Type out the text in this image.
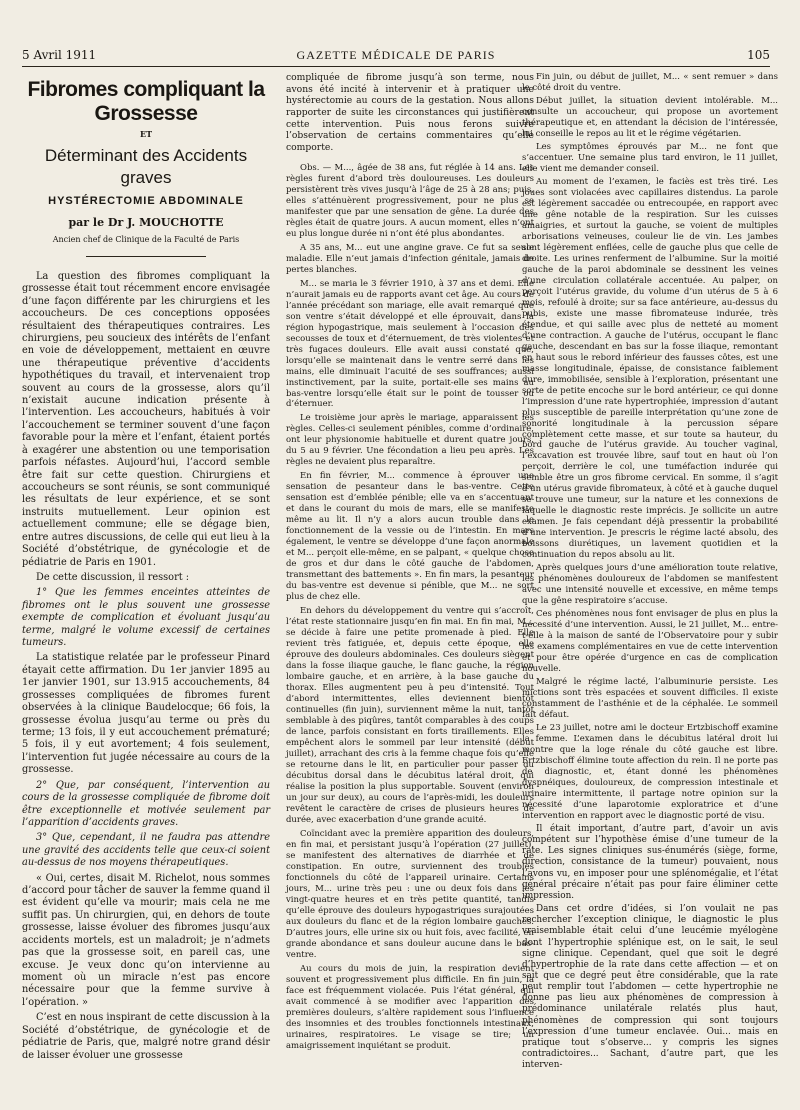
5 Avril 1911	GAZETTE MÉDICALE DE PARIS	105
Fibromes compliquant la Grossesse
ET
Déterminant des Accidents graves
HYSTÉRECTOMIE ABDOMINALE
par le Dr J. MOUCHOTTE
Ancien chef de Clinique de la Faculté de Paris

La question des fibromes compliquant la grossesse était tout récemment encore envisagée d’une façon différente par les chirurgiens et les accoucheurs. De ces conceptions opposées résultaient des thérapeutiques contraires. Les chirurgiens, peu soucieux des intérêts de l’enfant en voie de développement, mettaient en œuvre une thérapeutique préventive d’accidents hypothétiques du travail, et intervenaient trop souvent au cours de la grossesse, alors qu’il n’existait aucune indication présente à l’intervention. Les accoucheurs, habitués à voir l’accouchement se terminer souvent d’une façon favorable pour la mère et l’enfant, étaient portés à exagérer une abstention ou une temporisation parfois néfastes. Aujourd’hui, l’accord semble être fait sur cette question. Chirurgiens et accoucheurs se sont réunis, se sont communiqué les résultats de leur expérience, et se sont instruits mutuellement. Leur opinion est actuellement commune; elle se dégage bien, entre autres discussions, de celle qui eut lieu à la Société d’obstétrique, de gynécologie et de pédiatrie de Paris en 1901.

De cette discussion, il ressort :

1° Que les femmes enceintes atteintes de fibromes ont le plus souvent une grossesse exempte de complication et évoluant jusqu’au terme, malgré le volume excessif de certaines tumeurs.

La statistique relatée par le professeur Pinard étayait cette affirmation. Du 1er janvier 1895 au 1er janvier 1901, sur 13.915 accouchements, 84 grossesses compliquées de fibromes furent observées à la clinique Baudelocque; 66 fois, la grossesse évolua jusqu’au terme ou près du terme; 13 fois, il y eut accouchement prématuré; 5 fois, il y eut avortement; 4 fois seulement, l’intervention fut jugée nécessaire au cours de la grossesse.

2° Que, par conséquent, l’intervention au cours de la grossesse compliquée de fibrome doit être exceptionnelle et motivée seulement par l’apparition d’accidents graves.

3° Que, cependant, il ne faudra pas attendre une gravité des accidents telle que ceux-ci soient au-dessus de nos moyens thérapeutiques.

« Oui, certes, disait M. Richelot, nous sommes d’accord pour tâcher de sauver la femme quand il est évident qu’elle va mourir; mais cela ne me suffit pas. Un chirurgien, qui, en dehors de toute grossesse, laisse évoluer des fibromes jusqu’aux accidents mortels, est un maladroit; je n’admets pas que la grossesse soit, en pareil cas, une excuse. Je veux donc qu’on intervienne au moment où un miracle n’est pas encore nécessaire pour que la femme survive à l’opération. »

C’est en nous inspirant de cette discussion à la Société d’obstétrique, de gynécologie et de pédiatrie de Paris, que, malgré notre grand désir de laisser évoluer une grossesse

compliquée de fibrome jusqu’à son terme, nous avons été incité à intervenir et à pratiquer une hystérectomie au cours de la gestation. Nous allons rapporter de suite les circonstances qui justifièrent cette intervention. Puis nous ferons suivre l’observation de certains commentaires qu’elle comporte.

Obs. — M..., âgée de 38 ans, fut réglée à 14 ans. Les règles furent d’abord très douloureuses. Les douleurs persistèrent très vives jusqu’à l’âge de 25 à 28 ans; puis, elles s’atténuèrent progressivement, pour ne plus se manifester que par une sensation de gêne. La durée des règles était de quatre jours. A aucun moment, elles n’ont eu plus longue durée ni n’ont été plus abondantes.

A 35 ans, M... eut une angine grave. Ce fut sa seule maladie. Elle n’eut jamais d’infection génitale, jamais de pertes blanches.

M... se maria le 3 février 1910, à 37 ans et demi. Elle n’aurait jamais eu de rapports avant cet âge. Au cours de l’année précédant son mariage, elle avait remarqué que son ventre s’était développé et elle éprouvait, dans la région hypogastrique, mais seulement à l’occasion des secousses de toux et d’éternuement, de très violentes et très fugaces douleurs. Elle avait aussi constaté que, lorsqu’elle se maintenait dans le ventre serré dans les mains, elle diminuait l’acuité de ses souffrances; aussi instinctivement, par la suite, portait-elle ses mains au bas-ventre lorsqu’elle était sur le point de tousser ou d’éternuer.

Le troisième jour après le mariage, apparaissent les règles. Celles-ci seulement pénibles, comme d’ordinaire, ont leur physionomie habituelle et durent quatre jours, du 5 au 9 février. Une fécondation a lieu peu après. Les règles ne devaient plus reparaître.

En fin février, M... commence à éprouver une sensation de pesanteur dans le bas-ventre. Cette sensation est d’emblée pénible; elle va en s’accentuant et dans le courant du mois de mars, elle se manifeste même au lit. Il n’y a alors aucun trouble dans le fonctionnement de la vessie ou de l’intestin. En mars également, le ventre se développe d’une façon anormale et M... perçoit elle-même, en se palpant, « quelque chose de gros et dur dans le côté gauche de l’abdomen, transmettant des battements ». En fin mars, la pesanteur du bas-ventre est devenue si pénible, que M... ne sort plus de chez elle.

En dehors du développement du ventre qui s’accroît, l’état reste stationnaire jusqu’en fin mai. En fin mai, M... se décide à faire une petite promenade à pied. Elle revient très fatiguée, et, depuis cette époque, elle éprouve des douleurs abdominales. Ces douleurs siègent dans la fosse iliaque gauche, le flanc gauche, la région lombaire gauche, et en arrière, à la base gauche du thorax. Elles augmentent peu à peu d’intensité. Tout d’abord intermittentes, elles deviennent bientôt continuelles (fin juin), surviennent même la nuit, tantôt semblable à des piqûres, tantôt comparables à des coups de lance, parfois consistant en forts tiraillements. Elles empêchent alors le sommeil par leur intensité (début juillet), arrachant des cris à la femme chaque fois qu’elle se retourne dans le lit, en particulier pour passer du décubitus dorsal dans le décubitus latéral droit, qui réalise la position la plus supportable. Souvent (environ un jour sur deux), au cours de l’après-midi, les douleurs revêtent le caractère de crises de plusieurs heures de durée, avec exacerbation d’une grande acuité.

Coïncidant avec la première apparition des douleurs, en fin mai, et persistant jusqu’à l’opération (27 juillet), se manifestent des alternatives de diarrhée et de constipation. En outre, surviennent des troubles fonctionnels du côté de l’appareil urinaire. Certains jours, M... urine très peu : une ou deux fois dans les vingt-quatre heures et en très petite quantité, tandis qu’elle éprouve des douleurs hypogastriques surajoutées aux douleurs du flanc et de la région lombaire gauches. D’autres jours, elle urine six ou huit fois, avec facilité, en grande abondance et sans douleur aucune dans le bas-ventre.

Au cours du mois de juin, la respiration devient souvent et progressivement plus difficile. En fin juin, la face est fréquemment violacée. Puis l’état général, qui avait commencé à se modifier avec l’apparition des premières douleurs, s’altère rapidement sous l’influence des insomnies et des troubles fonctionnels intestinaux, urinaires, respiratoires. Le visage se tire; un amaigrissement inquiétant se produit.

Fin juin, ou début de juillet, M... « sent remuer » dans le côté droit du ventre.

Début juillet, la situation devient intolérable. M... consulte un accoucheur, qui propose un avortement thérapeutique et, en attendant la décision de l’intéressée, lui conseille le repos au lit et le régime végétarien.

Les symptômes éprouvés par M... ne font que s’accentuer. Une semaine plus tard environ, le 11 juillet, elle vient me demander conseil.

Au moment de l’examen, le faciès est très tiré. Les joues sont violacées avec capillaires distendus. La parole est légèrement saccadée ou entrecoupée, en rapport avec une gêne notable de la respiration. Sur les cuisses amaigries, et surtout la gauche, se voient de multiples arborisations veineuses, couleur lie de vin. Les jambes sont légèrement enflées, celle de gauche plus que celle de droite. Les urines renferment de l’albumine. Sur la moitié gauche de la paroi abdominale se dessinent les veines d’une circulation collatérale accentuée. Au palper, on perçoit l’utérus gravide, du volume d’un utérus de 5 à 6 mois, refoulé à droite; sur sa face antérieure, au-dessus du pubis, existe une masse fibromateuse indurée, très étendue, et qui saille avec plus de netteté au moment d’une contraction. A gauche de l’utérus, occupant le flanc gauche, descendant en bas sur la fosse iliaque, remontant en haut sous le rebord inférieur des fausses côtes, est une masse longitudinale, épaisse, de consistance faiblement dure, immobilisée, sensible à l’exploration, présentant une sorte de petite encoche sur le bord antérieur, ce qui donne l’impression d’une rate hypertrophiée, impression d’autant plus susceptible de pareille interprétation qu’une zone de sonorité longitudinale à la percussion sépare complètement cette masse, et sur toute sa hauteur, du bord gauche de l’utérus gravide. Au toucher vaginal, l’excavation est trouvée libre, sauf tout en haut où l’on perçoit, derrière le col, une tuméfaction indurée qui semble être un gros fibrome cervical. En somme, il s’agit d’un utérus gravide fibromateux, à côté et à gauche duquel se trouve une tumeur, sur la nature et les connexions de laquelle le diagnostic reste imprécis. Je sollicite un autre examen. Je fais cependant déjà pressentir la probabilité d’une intervention. Je prescris le régime lacté absolu, des boissons diurétiques, un lavement quotidien et la continuation du repos absolu au lit.

Après quelques jours d’une amélioration toute relative, les phénomènes douloureux de l’abdomen se manifestent avec une intensité nouvelle et excessive, en même temps que la gêne respiratoire s’accuse.

Ces phénomènes nous font envisager de plus en plus la nécessité d’une intervention. Aussi, le 21 juillet, M... entre-t-elle à la maison de santé de l’Observatoire pour y subir les examens complémentaires en vue de cette intervention et pour être opérée d’urgence en cas de complication nouvelle.

Malgré le régime lacté, l’albuminurie persiste. Les mictions sont très espacées et souvent difficiles. Il existe constamment de l’asthénie et de la céphalée. Le sommeil fait défaut.

Le 23 juillet, notre ami le docteur Ertzbischoff examine la femme. L’examen dans le décubitus latéral droit lui montre que la loge rénale du côté gauche est libre. Ertzbischoff élimine toute affection du rein. Il ne porte pas de diagnostic, et, étant donné les phénomènes dyspnéiques, douloureux, de compression intestinale et urinaire intermittente, il partage notre opinion sur la nécessité d’une laparotomie exploratrice et d’une intervention en rapport avec le diagnostic porté de visu.

Il était important, d’autre part, d’avoir un avis compétent sur l’hypothèse émise d’une tumeur de la rate. Les signes cliniques sus-énumérés (siège, forme, direction, consistance de la tumeur) pouvaient, nous l’avons vu, en imposer pour une splénomégalie, et l’état général précaire n’était pas pour faire éliminer cette impression.

Dans cet ordre d’idées, si l’on voulait ne pas rechercher l’exception clinique, le diagnostic le plus vraisemblable était celui d’une leucémie myélogène dont l’hypertrophie splénique est, on le sait, le seul signe clinique. Cependant, quel que soit le degré d’hypertrophie de la rate dans cette affection — et on sait que ce degré peut être considérable, que la rate peut remplir tout l’abdomen — cette hypertrophie ne donne pas lieu aux phénomènes de compression à prédominance unilatérale relatés plus haut, phénomènes de compression qui sont toujours l’expression d’une tumeur enclavée. Oui... mais en pratique tout s’observe... y compris les signes contradictoires... Sachant, d’autre part, que les interven-
